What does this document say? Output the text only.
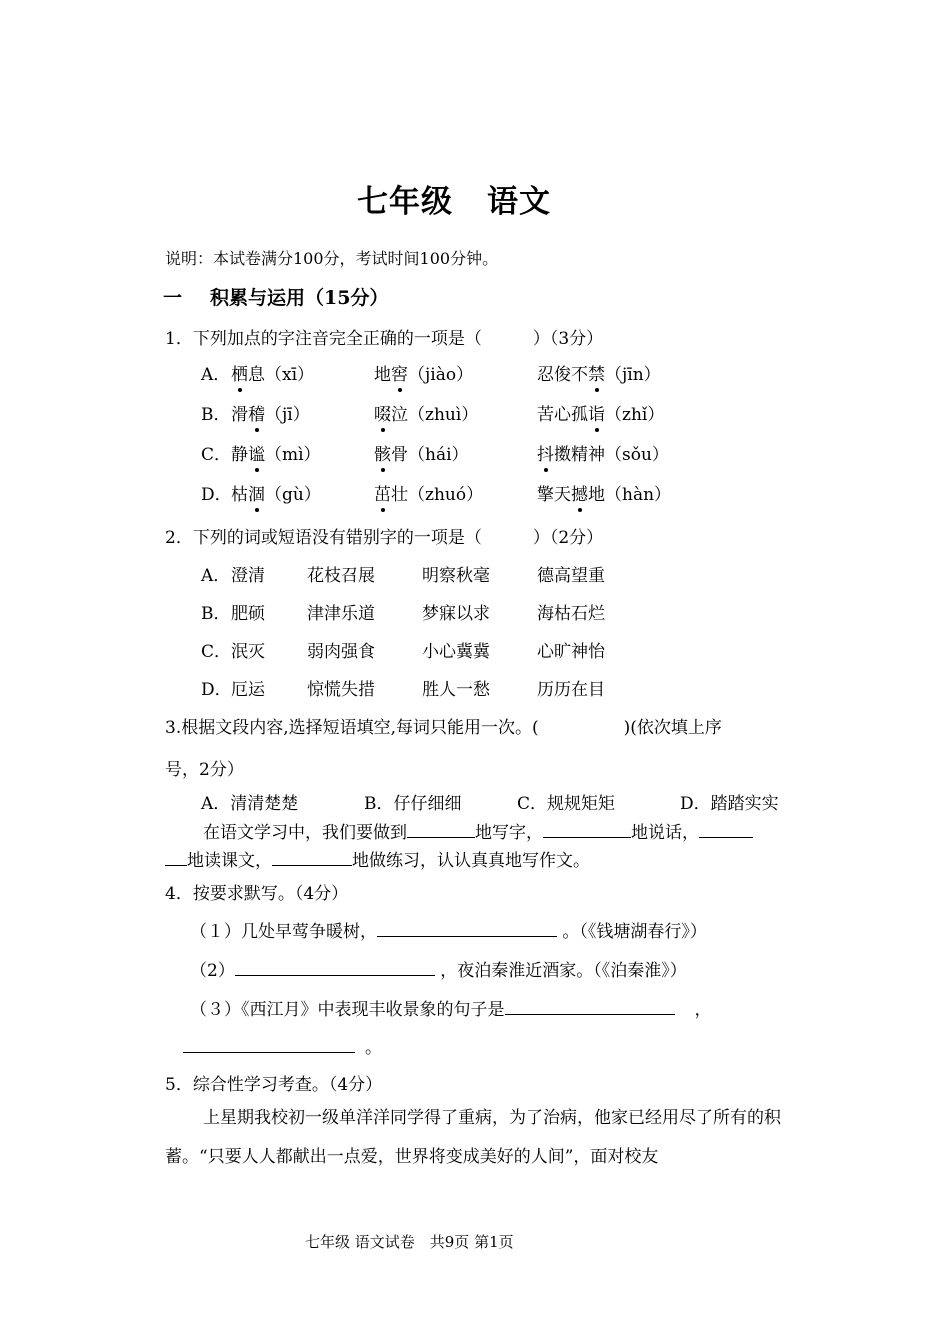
七年级 语文
说明：本试卷满分100分，考试时间100分钟。
一 积累与运用（15分）
1．下列加点的字注音完全正确的一项是（　　　）（3分）
A． 栖息（xī）	地窖（jiào）	忍俊不禁（jīn）
B． 滑稽（jī）	啜泣（zhuì）	苦心孤诣（zhǐ）
C． 静谧（mì）	骸骨（hái）	抖擞精神（sǒu）
D． 枯涸（gù）	茁壮（zhuó）	擎天撼地（hàn）
2．下列的词或短语没有错别字的一项是（　　　）（2分）
A． 澄清 花枝召展	明察秋毫	德高望重
B． 肥硕 津津乐道	梦寐以求	海枯石烂
C． 泯灭 弱肉强食	小心冀冀	心旷神怡
D． 厄运 惊慌失措	胜人一愁	历历在目
3.根据文段内容,选择短语填空,每词只能用一次。(　　　　　)(依次填上序
号，2分）
A．清清楚楚	B．仔仔细细	C．规规矩矩	D．踏踏实实
在语文学习中，我们要做到	地写字，	地说话，
地读课文，	地做练习，认认真真地写作文。
4．按要求默写。（4分）
（１）几处早莺争暖树，	。（《钱塘湖春行》）
（2）	，夜泊秦淮近酒家。（《泊秦淮》）
（３）《西江月》中表现丰收景象的句子是	，
。
5．综合性学习考查。（4分）
上星期我校初一级单洋洋同学得了重病，为了治病，他家已经用尽了所有的积蓄。“只要人人都献出一点爱，世界将变成美好的人间”，面对校友
七年级 语文试卷　共9页 第1页
